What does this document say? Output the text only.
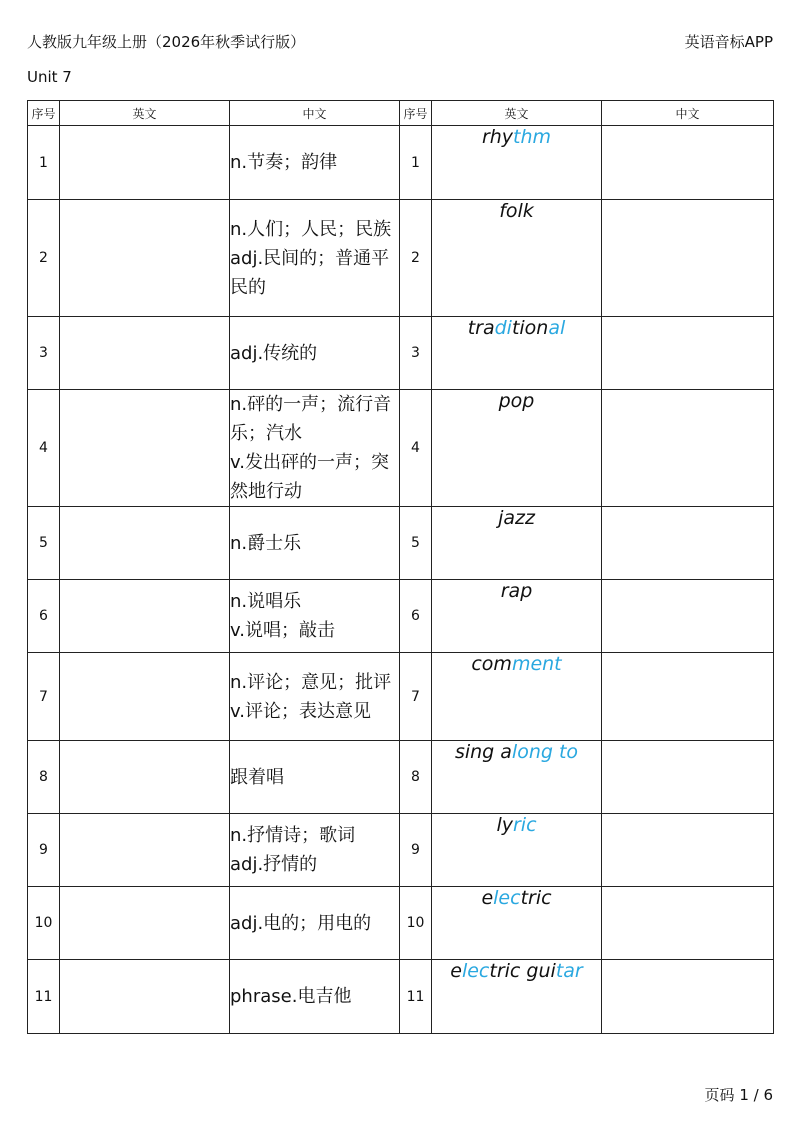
人教版九年级上册（2026年秋季试行版）	英语音标APP
Unit 7
序号	英文	中文	序号	英文	中文
1		n.节奏；韵律	1	rhythm	
2		n.人们；人民；民族
adj.民间的；普通平民的	2	folk	
3		adj.传统的	3	traditional	
4		n.砰的一声；流行音乐；汽水
v.发出砰的一声；突然地行动	4	pop	
5		n.爵士乐	5	jazz	
6		n.说唱乐
v.说唱；敲击	6	rap	
7		n.评论；意见；批评
v.评论；表达意见	7	comment	
8		跟着唱	8	sing along to	
9		n.抒情诗；歌词
adj.抒情的	9	lyric	
10		adj.电的；用电的	10	electric	
11		phrase.电吉他	11	electric guitar	
页码 1 / 6
